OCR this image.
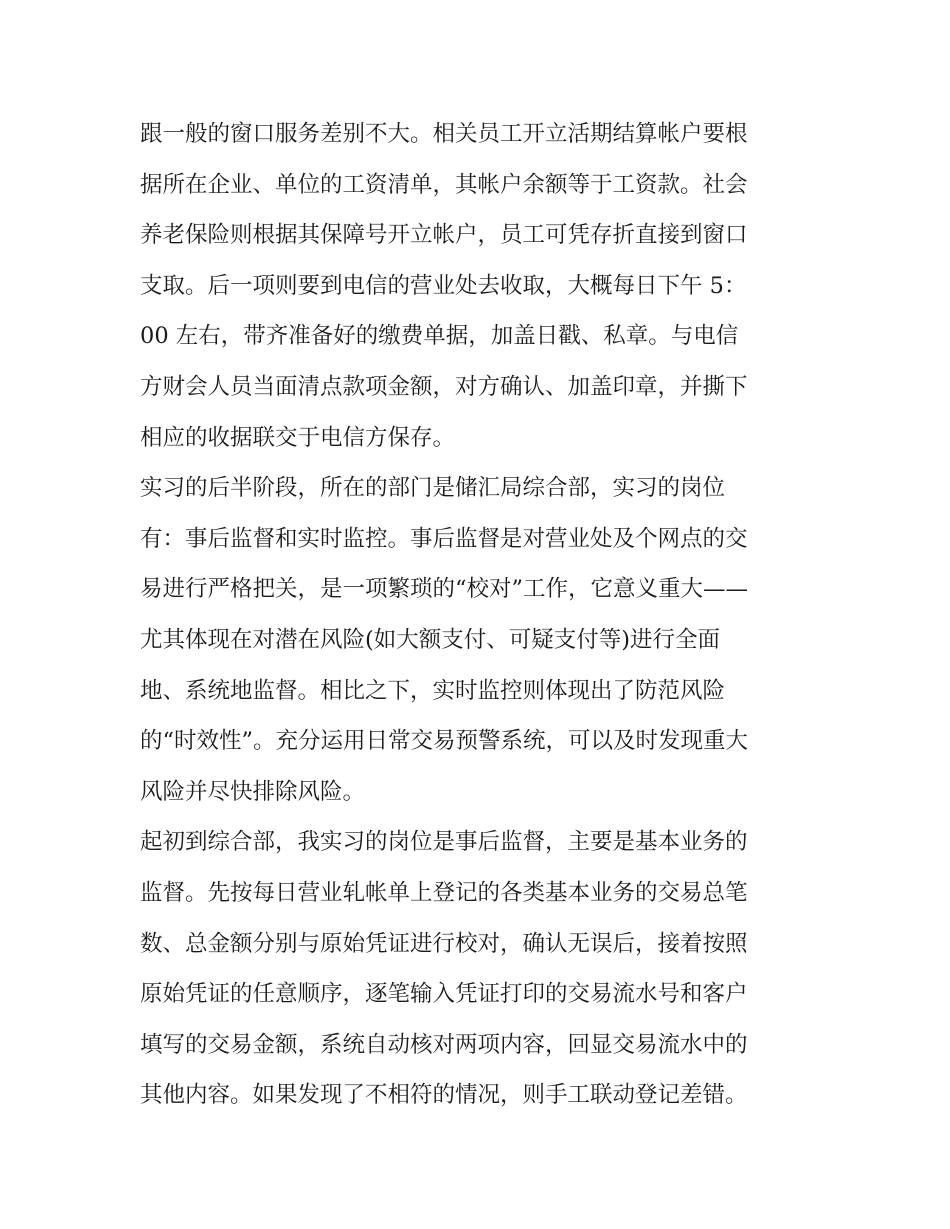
跟一般的窗口服务差别不大。相关员工开立活期结算帐户要根
据所在企业、单位的工资清单，其帐户余额等于工资款。社会
养老保险则根据其保障号开立帐户，员工可凭存折直接到窗口
支取。后一项则要到电信的营业处去收取，大概每日下午 5：
00 左右，带齐准备好的缴费单据，加盖日戳、私章。与电信
方财会人员当面清点款项金额，对方确认、加盖印章，并撕下
相应的收据联交于电信方保存。
实习的后半阶段，所在的部门是储汇局综合部，实习的岗位
有：事后监督和实时监控。事后监督是对营业处及个网点的交
易进行严格把关，是一项繁琐的“校对”工作，它意义重大——
尤其体现在对潜在风险(如大额支付、可疑支付等)进行全面
地、系统地监督。相比之下，实时监控则体现出了防范风险
的“时效性”。充分运用日常交易预警系统，可以及时发现重大
风险并尽快排除风险。
起初到综合部，我实习的岗位是事后监督，主要是基本业务的
监督。先按每日营业轧帐单上登记的各类基本业务的交易总笔
数、总金额分别与原始凭证进行校对，确认无误后，接着按照
原始凭证的任意顺序，逐笔输入凭证打印的交易流水号和客户
填写的交易金额，系统自动核对两项内容，回显交易流水中的
其他内容。如果发现了不相符的情况，则手工联动登记差错。
